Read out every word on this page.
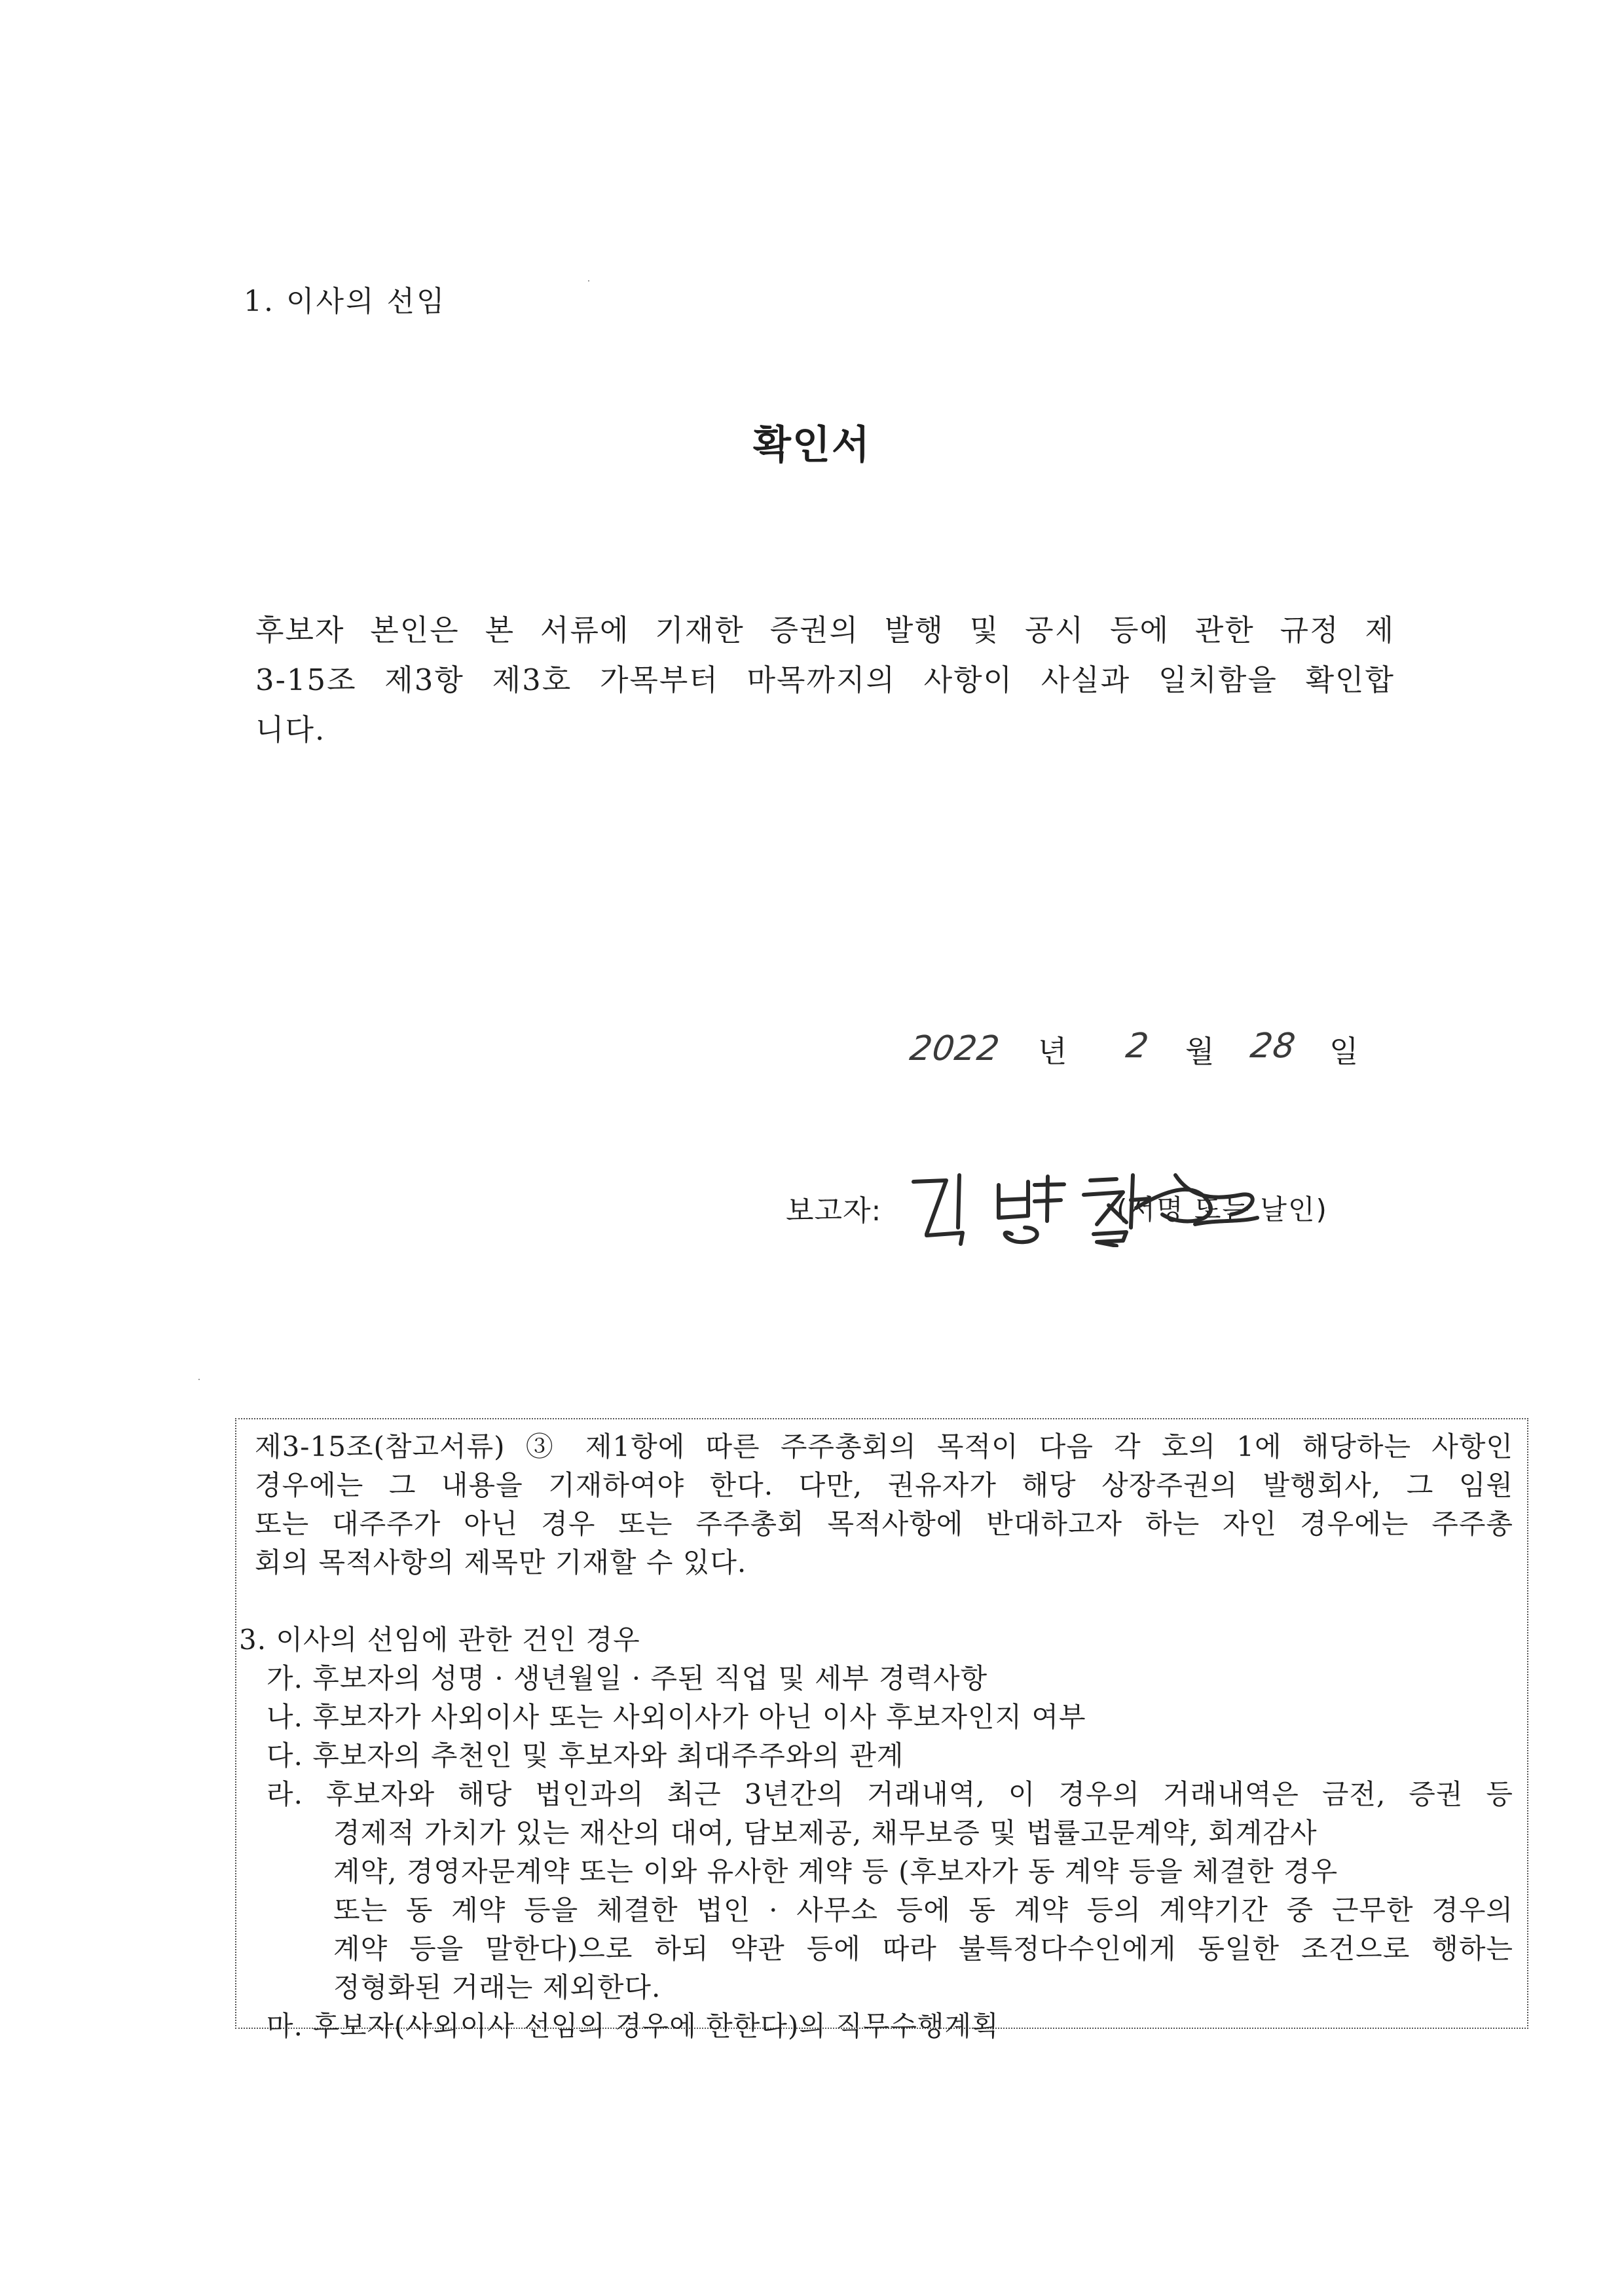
1. 이사의 선임
확인서
후보자 본인은 본 서류에 기재한 증권의 발행 및 공시 등에 관한 규정 제
3-15조 제3항 제3호 가목부터 마목까지의 사항이 사실과 일치함을 확인합
니다.
2022 년 2 월 28 일
보고자:	(서명 또는 날인)
제3-15조(참고서류) ③ 제1항에 따른 주주총회의 목적이 다음 각 호의 1에 해당하는 사항인
경우에는 그 내용을 기재하여야 한다. 다만, 권유자가 해당 상장주권의 발행회사, 그 임원
또는 대주주가 아닌 경우 또는 주주총회 목적사항에 반대하고자 하는 자인 경우에는 주주총
회의 목적사항의 제목만 기재할 수 있다.
3. 이사의 선임에 관한 건인 경우
가. 후보자의 성명 · 생년월일 · 주된 직업 및 세부 경력사항
나. 후보자가 사외이사 또는 사외이사가 아닌 이사 후보자인지 여부
다. 후보자의 추천인 및 후보자와 최대주주와의 관계
라. 후보자와 해당 법인과의 최근 3년간의 거래내역, 이 경우의 거래내역은 금전, 증권 등
경제적 가치가 있는 재산의 대여, 담보제공, 채무보증 및 법률고문계약, 회계감사
계약, 경영자문계약 또는 이와 유사한 계약 등 (후보자가 동 계약 등을 체결한 경우
또는 동 계약 등을 체결한 법인 · 사무소 등에 동 계약 등의 계약기간 중 근무한 경우의
계약 등을 말한다)으로 하되 약관 등에 따라 불특정다수인에게 동일한 조건으로 행하는
정형화된 거래는 제외한다.
마. 후보자(사외이사 선임의 경우에 한한다)의 직무수행계획
